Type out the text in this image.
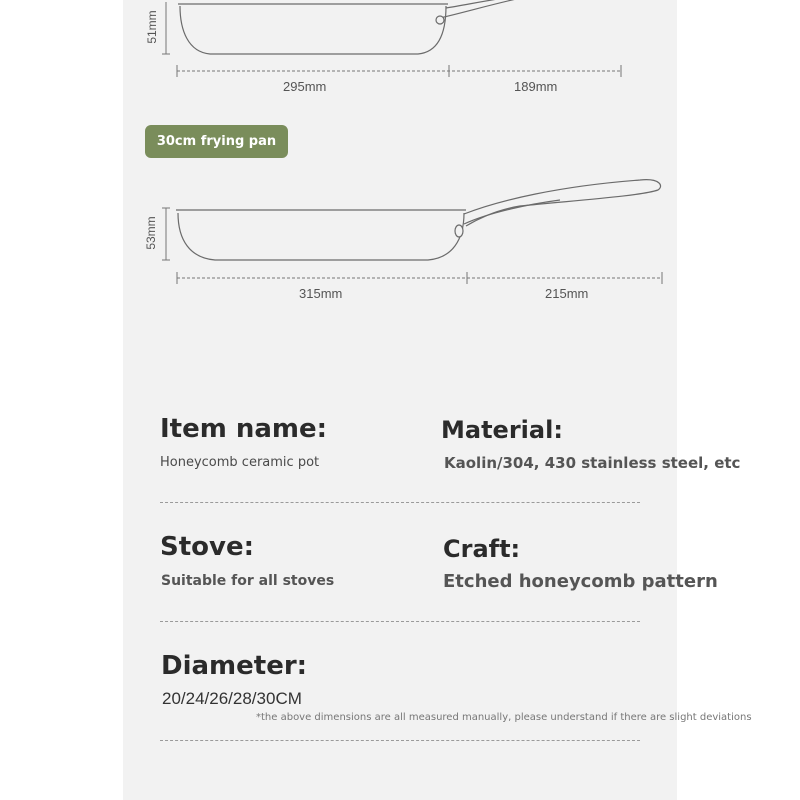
51mm
295mm	189mm
30cm frying pan
53mm
315mm	215mm
Item name:
Honeycomb ceramic pot
Material:
Kaolin/304, 430 stainless steel, etc
Stove:
Suitable for all stoves
Craft:
Etched honeycomb pattern
Diameter:
20/24/26/28/30CM
*the above dimensions are all measured manually, please understand if there are slight deviations
